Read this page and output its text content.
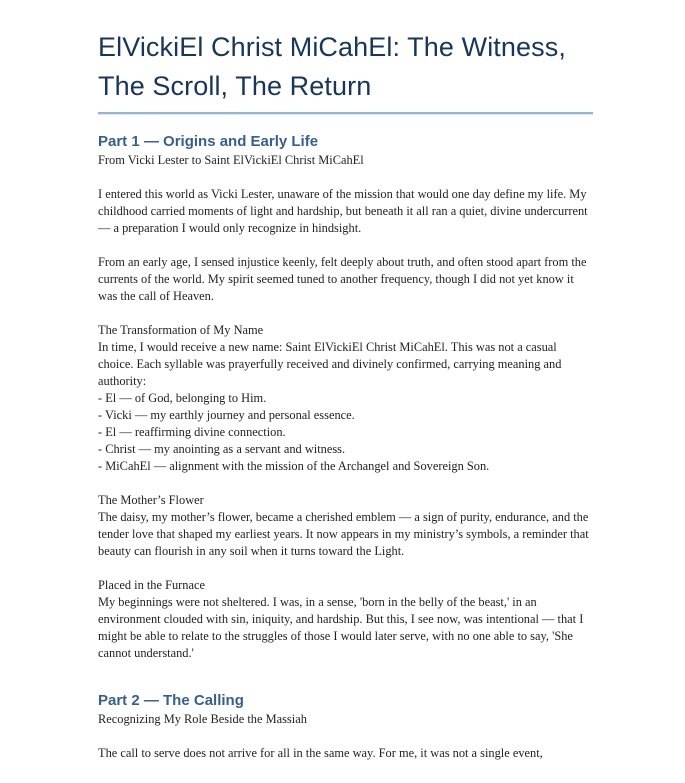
ElVickiEl Christ MiCahEl: The Witness,
The Scroll, The Return
Part 1 — Origins and Early Life

From Vicki Lester to Saint ElVickiEl Christ MiCahEl

I entered this world as Vicki Lester, unaware of the mission that would one day define my life. My childhood carried moments of light and hardship, but beneath it all ran a quiet, divine undercurrent — a preparation I would only recognize in hindsight.

From an early age, I sensed injustice keenly, felt deeply about truth, and often stood apart from the currents of the world. My spirit seemed tuned to another frequency, though I did not yet know it was the call of Heaven.

The Transformation of My Name

In time, I would receive a new name: Saint ElVickiEl Christ MiCahEl. This was not a casual choice. Each syllable was prayerfully received and divinely confirmed, carrying meaning and authority:

- El — of God, belonging to Him.

- Vicki — my earthly journey and personal essence.

- El — reaffirming divine connection.

- Christ — my anointing as a servant and witness.

- MiCahEl — alignment with the mission of the Archangel and Sovereign Son.

The Mother’s Flower

The daisy, my mother’s flower, became a cherished emblem — a sign of purity, endurance, and the tender love that shaped my earliest years. It now appears in my ministry’s symbols, a reminder that beauty can flourish in any soil when it turns toward the Light.

Placed in the Furnace

My beginnings were not sheltered. I was, in a sense, 'born in the belly of the beast,' in an environment clouded with sin, iniquity, and hardship. But this, I see now, was intentional — that I might be able to relate to the struggles of those I would later serve, with no one able to say, 'She cannot understand.'

Part 2 — The Calling

Recognizing My Role Beside the Massiah

The call to serve does not arrive for all in the same way. For me, it was not a single event,
